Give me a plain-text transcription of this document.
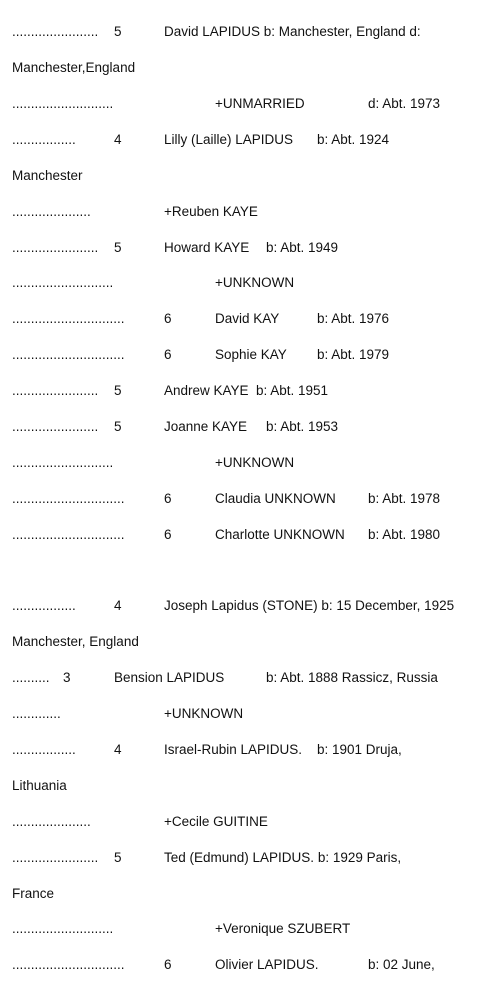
....................... 5	David LAPIDUS b: Manchester, England d:
Manchester,England
...........................	+UNMARRIED	d: Abt. 1973
.................	4	Lilly (Laille) LAPIDUS b: Abt. 1924
Manchester
.....................	+Reuben KAYE
....................... 5	Howard KAYE b: Abt. 1949
...........................	+UNKNOWN
..............................	6	David KAY	b: Abt. 1976
..............................	6	Sophie KAY b: Abt. 1979
....................... 5	Andrew KAYE b: Abt. 1951
....................... 5	Joanne KAYE b: Abt. 1953
...........................	+UNKNOWN
..............................	6	Claudia UNKNOWN b: Abt. 1978
..............................	6	Charlotte UNKNOWN b: Abt. 1980
.................	4	Joseph Lapidus (STONE) b: 15 December, 1925
Manchester, England
.......... 3	Bension LAPIDUS	b: Abt. 1888 Rassicz, Russia
.............	+UNKNOWN
.................	4	Israel-Rubin LAPIDUS. b: 1901 Druja,
Lithuania
.....................	+Cecile GUITINE
....................... 5	Ted (Edmund) LAPIDUS. b: 1929 Paris,
France
...........................	+Veronique SZUBERT
..............................	6	Olivier LAPIDUS.	b: 02 June,
